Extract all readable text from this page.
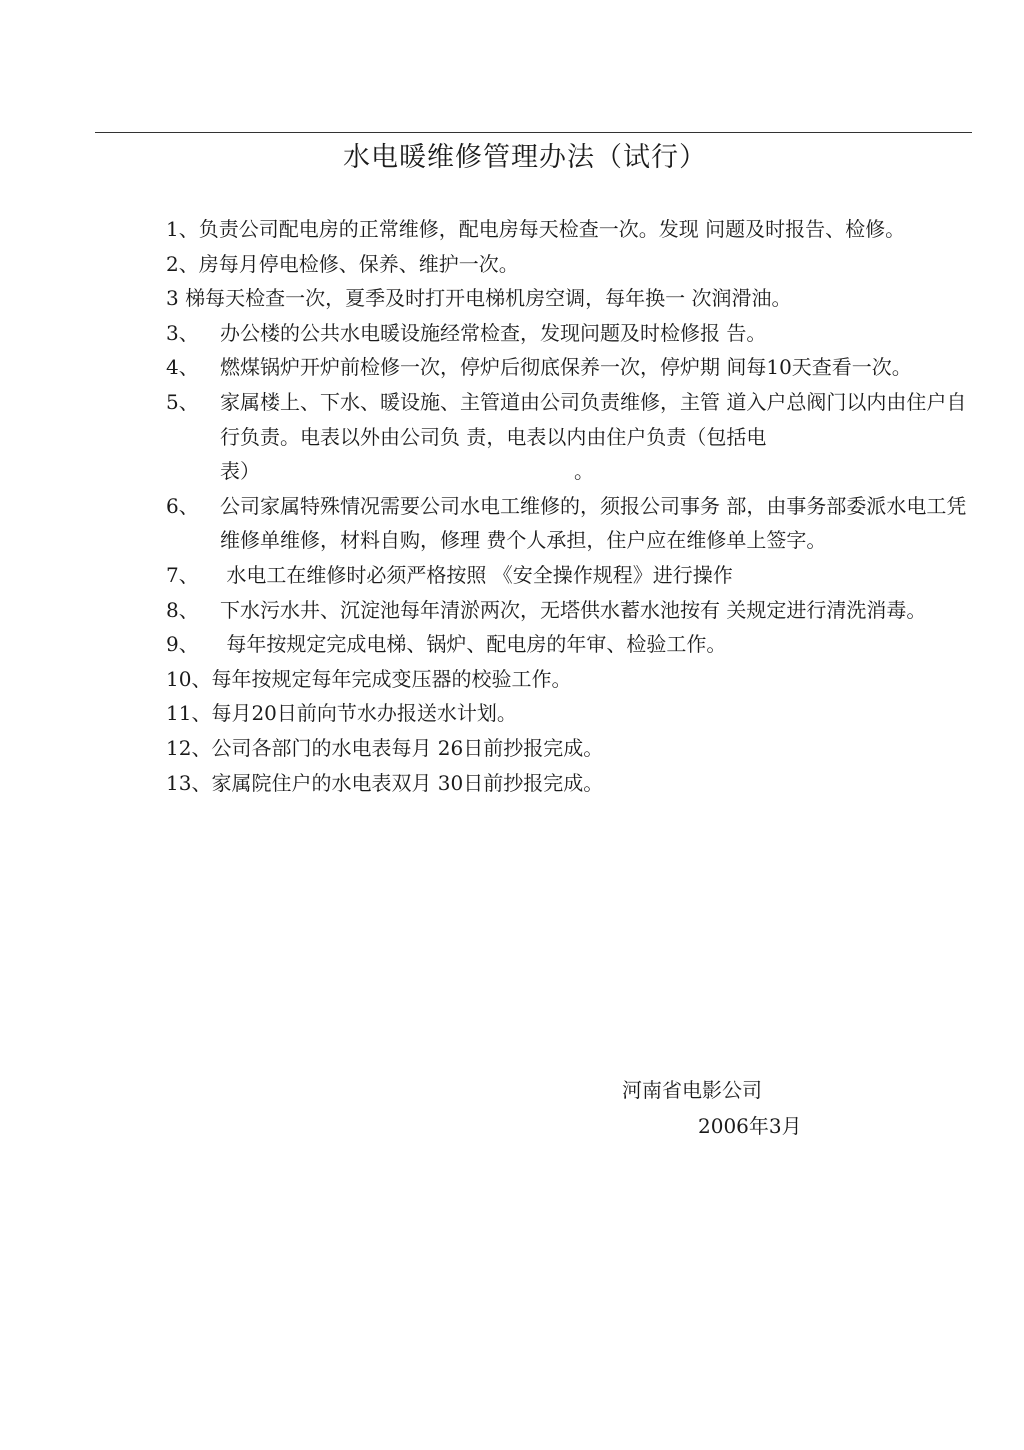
水电暖维修管理办法（试行）
1、负责公司配电房的正常维修，配电房每天检查一次。发现 问题及时报告、检修。
2、 房每月停电检修、保养、维护一次。
3 梯每天检查一次，夏季及时打开电梯机房空调，每年换一 次润滑油。
3、	办公楼的公共水电暖设施经常检查，发现问题及时检修报 告。
4、	燃煤锅炉开炉前检修一次，停炉后彻底保养一次，停炉期 间每10天查看一次。
5、	家属楼上、下水、暖设施、主管道由公司负责维修，主管 道入户总阀门以内由住户自行负责。电表以外由公司负 责，电表以内由住户负责（包括电表）	。
6、	公司家属特殊情况需要公司水电工维修的，须报公司事务 部，由事务部委派水电工凭维修单维修，材料自购，修理 费个人承担，住户应在维修单上签字。
7、	水电工在维修时必须严格按照 《安全操作规程》进行操作
8、	下水污水井、沉淀池每年清淤两次，无塔供水蓄水池按有 关规定进行清洗消毒。
9、	每年按规定完成电梯、锅炉、配电房的年审、检验工作。
10、 每年按规定每年完成变压器的校验工作。
11、 每月20日前向节水办报送水计划。
12、 公司各部门的水电表每月 26日前抄报完成。
13、 家属院住户的水电表双月 30日前抄报完成。
河南省电影公司
2006年3月
